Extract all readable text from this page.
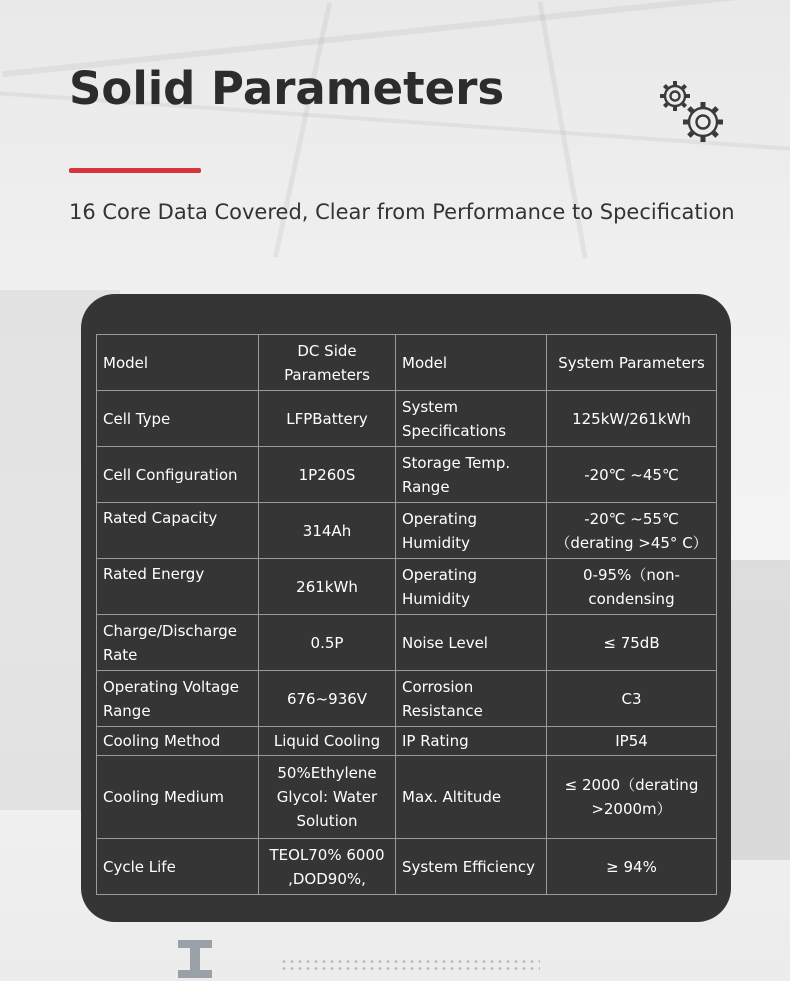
Solid Parameters
16 Core Data Covered, Clear from Performance to Specification
Model	DC Side Parameters	Model	System Parameters
Cell Type	LFPBattery	System Specifications	125kW/261kWh
Cell Configuration	1P260S	Storage Temp. Range	-20℃ ~45℃
Rated Capacity	314Ah	Operating Humidity	-20℃ ~55℃（derating >45° C）
Rated Energy	261kWh	Operating Humidity	0-95%（non-condensing
Charge/Discharge Rate	0.5P	Noise Level	≤ 75dB
Operating Voltage Range	676~936V	Corrosion Resistance	C3
Cooling Method	Liquid Cooling	IP Rating	IP54
Cooling Medium	50%Ethylene Glycol: Water Solution	Max. Altitude	≤ 2000（derating >2000m）
Cycle Life	TEOL70% 6000 ,DOD90%,	System Efficiency	≥ 94%
